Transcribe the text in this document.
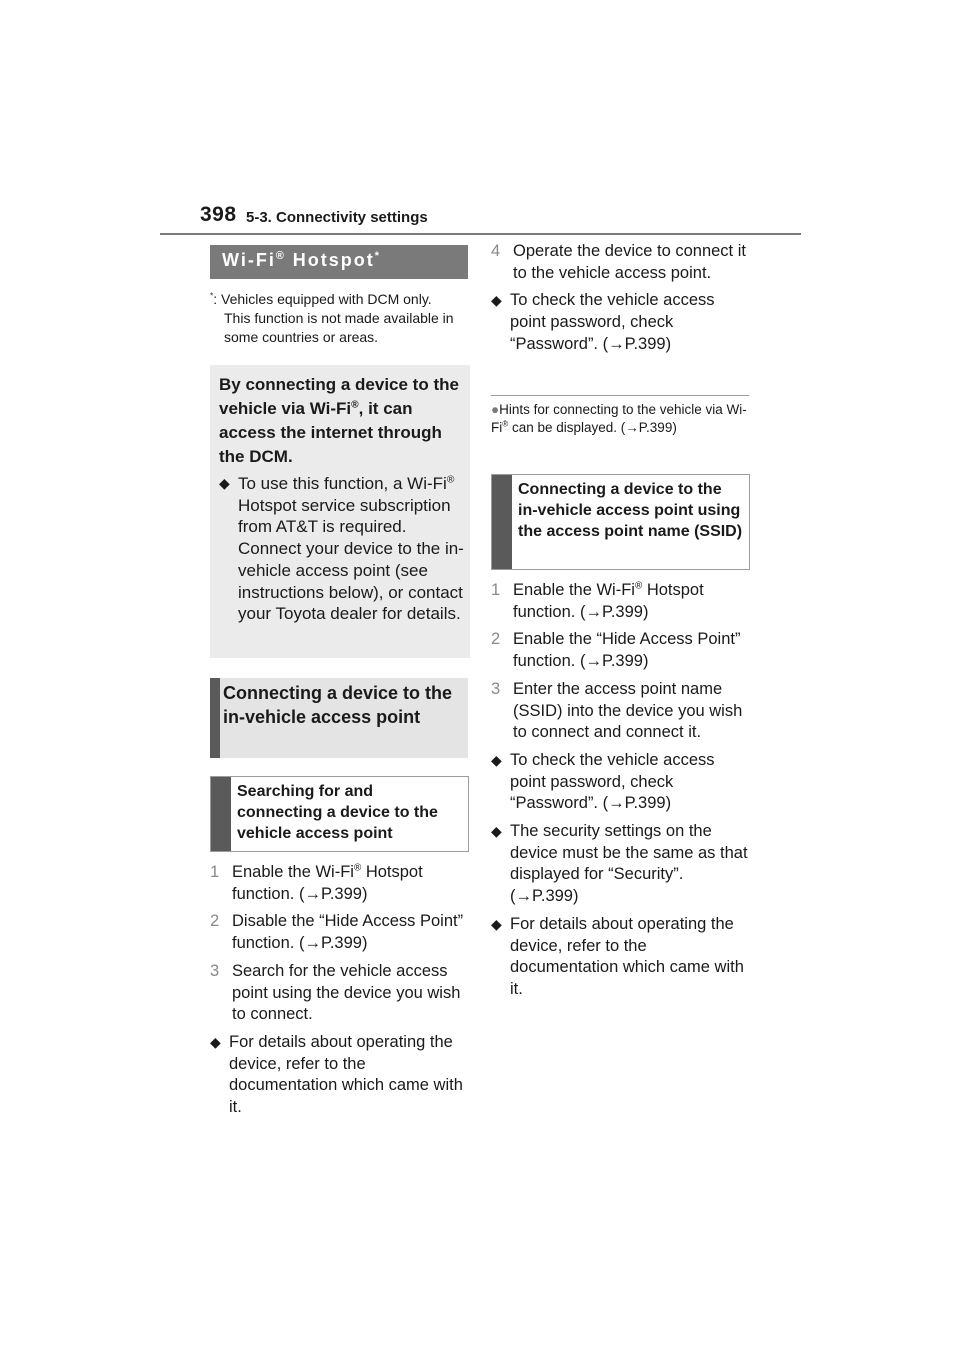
398 5-3. Connectivity settings
Wi-Fi® Hotspot*
*: Vehicles equipped with DCM only. This function is not made available in some countries or areas.
By connecting a device to the vehicle via Wi-Fi®, it can access the internet through the DCM.
◆ To use this function, a Wi-Fi® Hotspot service subscription from AT&T is required. Connect your device to the in-vehicle access point (see instructions below), or contact your Toyota dealer for details.
Connecting a device to the in-vehicle access point
Searching for and connecting a device to the vehicle access point
1 Enable the Wi-Fi® Hotspot function. (→P.399)
2 Disable the “Hide Access Point” function. (→P.399)
3 Search for the vehicle access point using the device you wish to connect.
◆ For details about operating the device, refer to the documentation which came with it.
4 Operate the device to connect it to the vehicle access point.
◆ To check the vehicle access point password, check “Password”. (→P.399)
●Hints for connecting to the vehicle via Wi-Fi® can be displayed. (→P.399)
Connecting a device to the in-vehicle access point using the access point name (SSID)
1 Enable the Wi-Fi® Hotspot function. (→P.399)
2 Enable the “Hide Access Point” function. (→P.399)
3 Enter the access point name (SSID) into the device you wish to connect and connect it.
◆ To check the vehicle access point password, check “Password”. (→P.399)
◆ The security settings on the device must be the same as that displayed for “Security”. (→P.399)
◆ For details about operating the device, refer to the documentation which came with it.
